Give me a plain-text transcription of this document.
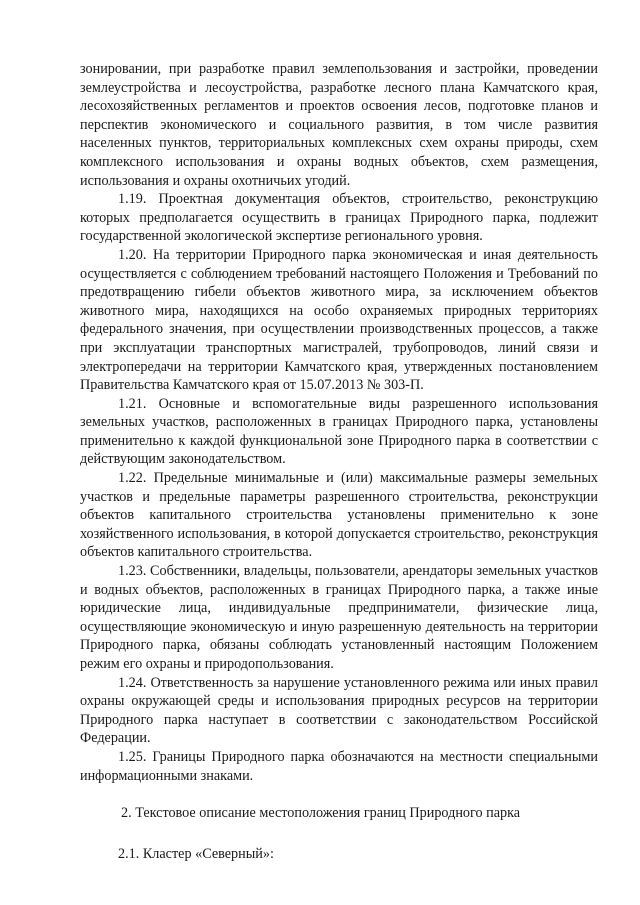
зонировании, при разработке правил землепользования и застройки, проведении землеустройства и лесоустройства, разработке лесного плана Камчатского края, лесохозяйственных регламентов и проектов освоения лесов, подготовке планов и перспектив экономического и социального развития, в том числе развития населенных пунктов, территориальных комплексных схем охраны природы, схем комплексного использования и охраны водных объектов, схем размещения, использования и охраны охотничьих угодий.

1.19. Проектная документация объектов, строительство, реконструкцию которых предполагается осуществить в границах Природного парка, подлежит государственной экологической экспертизе регионального уровня.

1.20. На территории Природного парка экономическая и иная деятельность осуществляется с соблюдением требований настоящего Положения и Требований по предотвращению гибели объектов животного мира, за исключением объектов животного мира, находящихся на особо охраняемых природных территориях федерального значения, при осуществлении производственных процессов, а также при эксплуатации транспортных магистралей, трубопроводов, линий связи и электропередачи на территории Камчатского края, утвержденных постановлением Правительства Камчатского края от 15.07.2013 № 303-П.

1.21. Основные и вспомогательные виды разрешенного использования земельных участков, расположенных в границах Природного парка, установлены применительно к каждой функциональной зоне Природного парка в соответствии с действующим законодательством.

1.22. Предельные минимальные и (или) максимальные размеры земельных участков и предельные параметры разрешенного строительства, реконструкции объектов капитального строительства установлены применительно к зоне хозяйственного использования, в которой допускается строительство, реконструкция объектов капитального строительства.

1.23. Собственники, владельцы, пользователи, арендаторы земельных участков и водных объектов, расположенных в границах Природного парка, а также иные юридические лица, индивидуальные предприниматели, физические лица, осуществляющие экономическую и иную разрешенную деятельность на территории Природного парка, обязаны соблюдать установленный настоящим Положением режим его охраны и природопользования.

1.24. Ответственность за нарушение установленного режима или иных правил охраны окружающей среды и использования природных ресурсов на территории Природного парка наступает в соответствии с законодательством Российской Федерации.

1.25. Границы Природного парка обозначаются на местности специальными информационными знаками.

2. Текстовое описание местоположения границ Природного парка

2.1. Кластер «Северный»:
